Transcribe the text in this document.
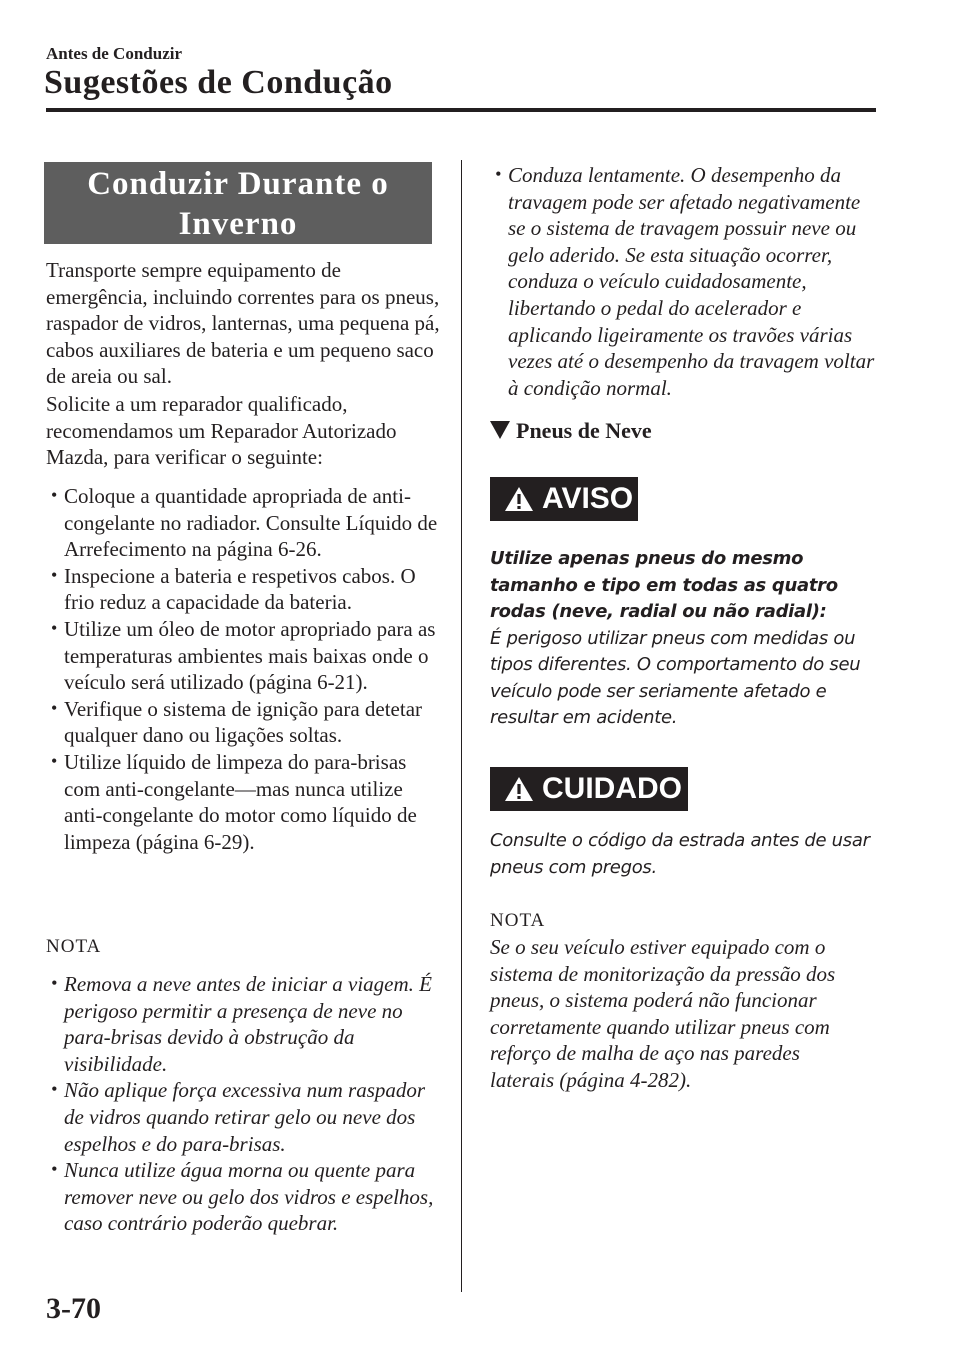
Antes de Conduzir
Sugestões de Condução
Conduzir Durante o
Inverno

Transporte sempre equipamento de emergência, incluindo correntes para os pneus, raspador de vidros, lanternas, uma pequena pá, cabos auxiliares de bateria e um pequeno saco de areia ou sal.

Solicite a um reparador qualificado, recomendamos um Reparador Autorizado Mazda, para verificar o seguinte:

• Coloque a quantidade apropriada de anti-congelante no radiador. Consulte Líquido de Arrefecimento na página 6-26.
• Inspecione a bateria e respetivos cabos. O frio reduz a capacidade da bateria.
• Utilize um óleo de motor apropriado para as temperaturas ambientes mais baixas onde o veículo será utilizado (página 6-21).
• Verifique o sistema de ignição para detetar qualquer dano ou ligações soltas.
• Utilize líquido de limpeza do para-brisas com anti-congelante—mas nunca utilize anti-congelante do motor como líquido de limpeza (página 6-29).
NOTA
• Remova a neve antes de iniciar a viagem. É perigoso permitir a presença de neve no para-brisas devido à obstrução da visibilidade.
• Não aplique força excessiva num raspador de vidros quando retirar gelo ou neve dos espelhos e do para-brisas.
• Nunca utilize água morna ou quente para remover neve ou gelo dos vidros e espelhos, caso contrário poderão quebrar.
• Conduza lentamente. O desempenho da travagem pode ser afetado negativamente se o sistema de travagem possuir neve ou gelo aderido. Se esta situação ocorrer, conduza o veículo cuidadosamente, libertando o pedal do acelerador e aplicando ligeiramente os travões várias vezes até o desempenho da travagem voltar à condição normal.
Pneus de Neve
AVISO
Utilize apenas pneus do mesmo tamanho e tipo em todas as quatro rodas (neve, radial ou não radial):
É perigoso utilizar pneus com medidas ou tipos diferentes. O comportamento do seu veículo pode ser seriamente afetado e resultar em acidente.
CUIDADO
Consulte o código da estrada antes de usar pneus com pregos.
NOTA
Se o seu veículo estiver equipado com o sistema de monitorização da pressão dos pneus, o sistema poderá não funcionar corretamente quando utilizar pneus com reforço de malha de aço nas paredes laterais (página 4-282).
3-70
